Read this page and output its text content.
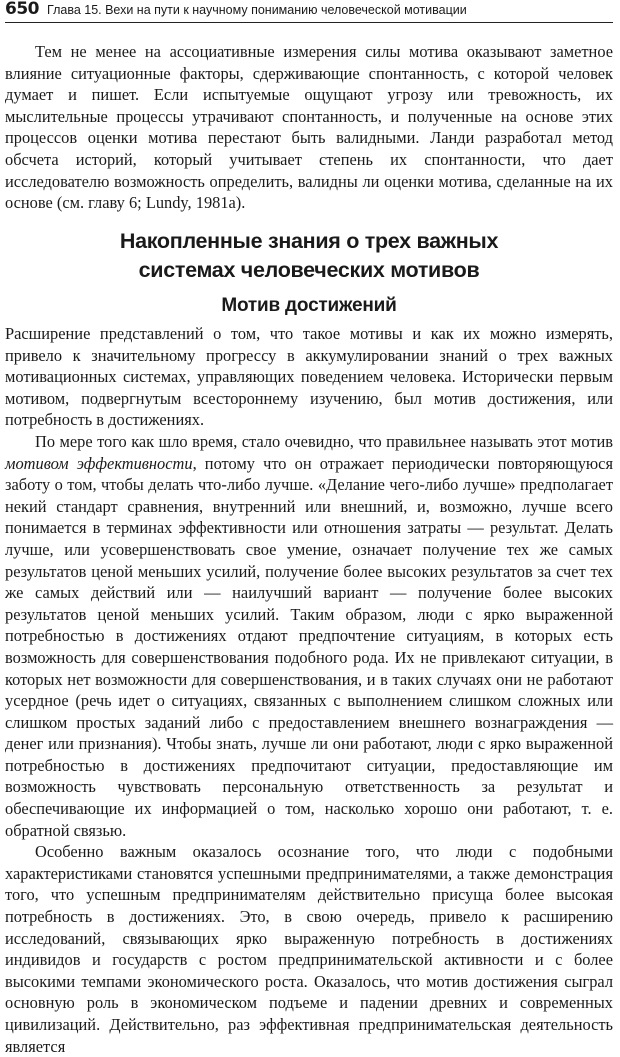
650 Глава 15. Вехи на пути к научному пониманию человеческой мотивации

Тем не менее на ассоциативные измерения силы мотива оказывают заметное влияние ситуационные факторы, сдерживающие спонтанность, с которой человек думает и пишет. Если испытуемые ощущают угрозу или тревожность, их мыслительные процессы утрачивают спонтанность, и полученные на основе этих процессов оценки мотива перестают быть валидными. Ланди разработал метод обсчета историй, который учитывает степень их спонтанности, что дает исследователю возможность определить, валидны ли оценки мотива, сделанные на их основе (см. главу 6; Lundy, 1981a).

Накопленные знания о трех важных
системах человеческих мотивов
Мотив достижений

Расширение представлений о том, что такое мотивы и как их можно измерять, привело к значительному прогрессу в аккумулировании знаний о трех важных мотивационных системах, управляющих поведением человека. Исторически первым мотивом, подвергнутым всестороннему изучению, был мотив достижения, или потребность в достижениях.

По мере того как шло время, стало очевидно, что правильнее называть этот мотив мотивом эффективности, потому что он отражает периодически повторяющуюся заботу о том, чтобы делать что-либо лучше. «Делание чего-либо лучше» предполагает некий стандарт сравнения, внутренний или внешний, и, возможно, лучше всего понимается в терминах эффективности или отношения затраты — результат. Делать лучше, или усовершенствовать свое умение, означает получение тех же самых результатов ценой меньших усилий, получение более высоких результатов за счет тех же самых действий или — наилучший вариант — получение более высоких результатов ценой меньших усилий. Таким образом, люди с ярко выраженной потребностью в достижениях отдают предпочтение ситуациям, в которых есть возможность для совершенствования подобного рода. Их не привлекают ситуации, в которых нет возможности для совершенствования, и в таких случаях они не работают усердное (речь идет о ситуациях, связанных с выполнением слишком сложных или слишком простых заданий либо с предоставлением внешнего вознаграждения — денег или признания). Чтобы знать, лучше ли они работают, люди с ярко выраженной потребностью в достижениях предпочитают ситуации, предоставляющие им возможность чувствовать персональную ответственность за результат и обеспечивающие их информацией о том, насколько хорошо они работают, т. е. обратной связью.

Особенно важным оказалось осознание того, что люди с подобными характеристиками становятся успешными предпринимателями, а также демонстрация того, что успешным предпринимателям действительно присуща более высокая потребность в достижениях. Это, в свою очередь, привело к расширению исследований, связывающих ярко выраженную потребность в достижениях индивидов и государств с ростом предпринимательской активности и с более высокими темпами экономического роста. Оказалось, что мотив достижения сыграл основную роль в экономическом подъеме и падении древних и современных цивилизаций. Действительно, раз эффективная предпринимательская деятельность является
